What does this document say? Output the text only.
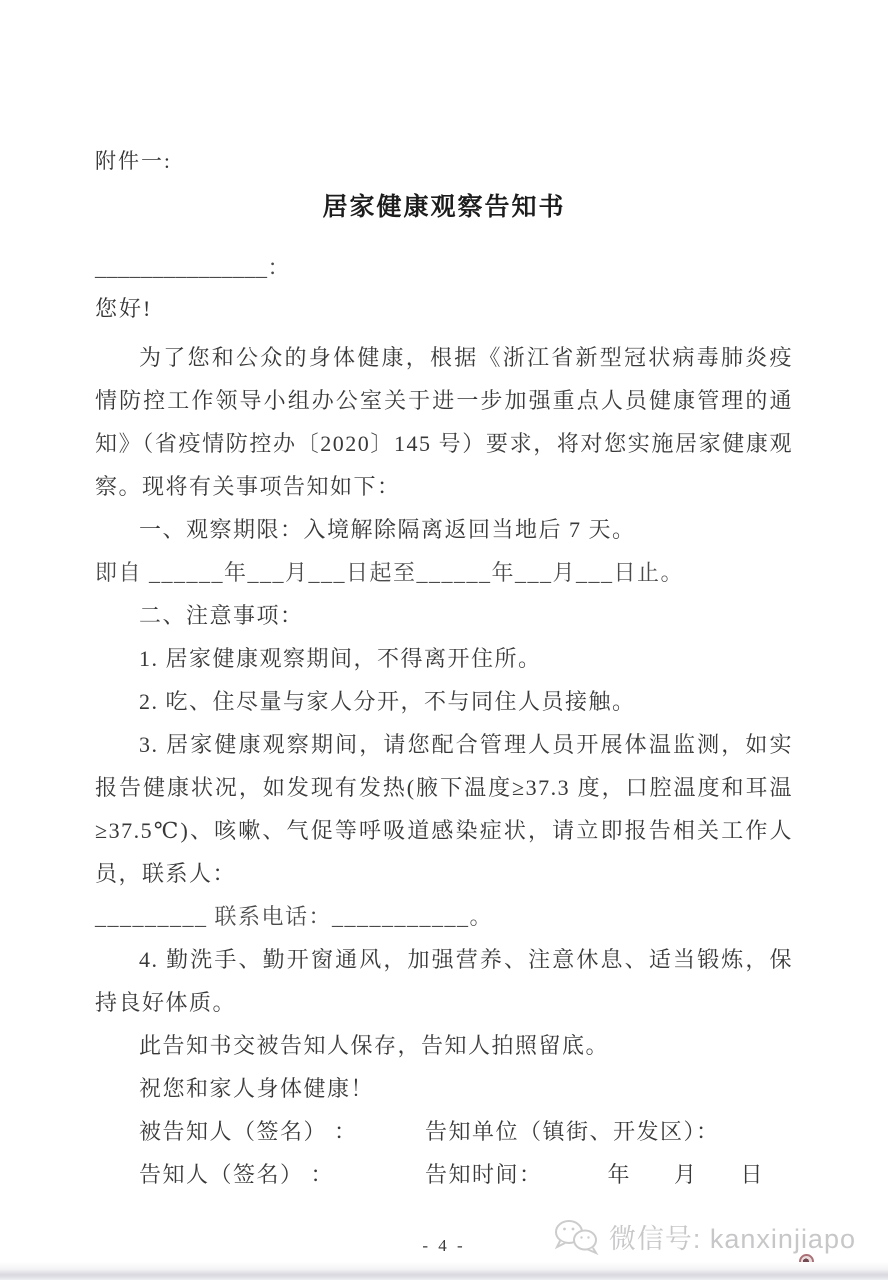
附件一:
居家健康观察告知书
_______________：
您好!

为了您和公众的身体健康，根据《浙江省新型冠状病毒肺炎疫情防控工作领导小组办公室关于进一步加强重点人员健康管理的通知》（省疫情防控办〔2020〕145 号）要求，将对您实施居家健康观察。现将有关事项告知如下：

一、观察期限：入境解除隔离返回当地后 7 天。

即自 ______年___月___日起至______年___月___日止。

二、注意事项：

1. 居家健康观察期间，不得离开住所。

2. 吃、住尽量与家人分开，不与同住人员接触。

3. 居家健康观察期间，请您配合管理人员开展体温监测，如实报告健康状况，如发现有发热(腋下温度≥37.3 度，口腔温度和耳温≥37.5℃)、咳嗽、气促等呼吸道感染症状，请立即报告相关工作人员，联系人：

_________ 联系电话：___________。

4. 勤洗手、勤开窗通风，加强营养、注意休息、适当锻炼，保持良好体质。

此告知书交被告知人保存，告知人拍照留底。

祝您和家人身体健康！

被告知人（签名） ：	告知单位（镇街、开发区）：
告知人（签名） ：	告知时间：	年 月 日
- 4 -	微信号: kanxinjiapo
